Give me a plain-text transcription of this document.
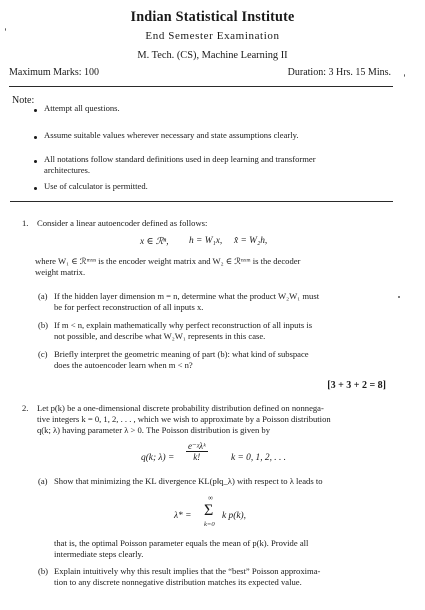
Indian Statistical Institute
End Semester Examination
M. Tech. (CS), Machine Learning II
Maximum Marks: 100	Duration: 3 Hrs. 15 Mins.
Note:
Attempt all questions.
Assume suitable values wherever necessary and state assumptions clearly.
All notations follow standard definitions used in deep learning and transformer
architectures.
Use of calculator is permitted.
1. Consider a linear autoencoder defined as follows:
x ∈ ℛⁿ, h = W₁x, x̂ = W₂h,
where W₁ ∈ ℛᵐˣⁿ is the encoder weight matrix and W₂ ∈ ℛⁿˣᵐ is the decoder
weight matrix.
(a) If the hidden layer dimension m = n, determine what the product W₂W₁ must
be for perfect reconstruction of all inputs x.
(b) If m < n, explain mathematically why perfect reconstruction of all inputs is
not possible, and describe what W₂W₁ represents in this case.
(c) Briefly interpret the geometric meaning of part (b): what kind of subspace
does the autoencoder learn when m < n?
[3 + 3 + 2 = 8]
2. Let p(k) be a one-dimensional discrete probability distribution defined on nonnega-
tive integers k = 0, 1, 2, . . . , which we wish to approximate by a Poisson distribution
q(k; λ) having parameter λ > 0. The Poisson distribution is given by
q(k; λ) =
e⁻ᵡλᵏ
k!	k = 0, 1, 2, . . .
(a) Show that minimizing the KL divergence KL(p‖q_λ) with respect to λ leads to
λ* =
∞
Σ
k=0
k p(k),
that is, the optimal Poisson parameter equals the mean of p(k). Provide all
intermediate steps clearly.
(b) Explain intuitively why this result implies that the “best” Poisson approxima-
tion to any discrete nonnegative distribution matches its expected value.
